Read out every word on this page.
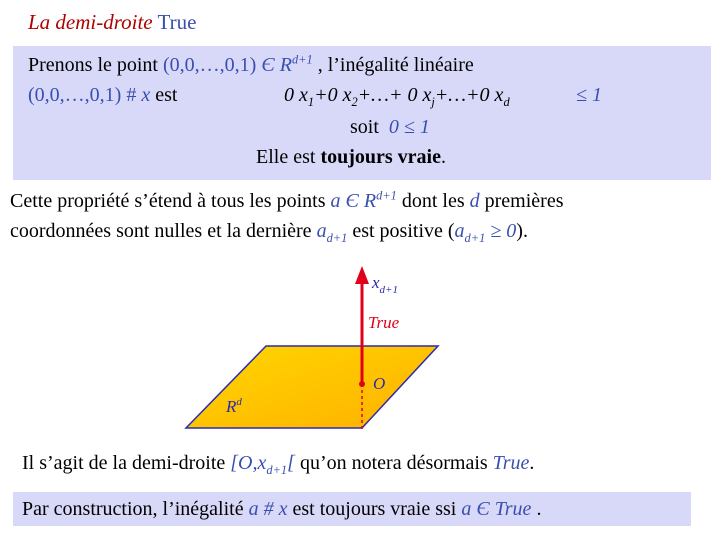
La demi-droite True
Prenons le point (0,0,…,0,1) Є $R^{d+1}$ , l’inégalité linéaire
(0,0,…,0,1) # x est	0 $x_1+0$ $x_2+\dots+ 0$ $x_j+\dots+0$ $x_d$	≤ 1
soit 0 ≤ 1
Elle est toujours vraie.
Cette propriété s’étend à tous les points a Є $R^{d+1}$ dont les d premières
coordonnées sont nulles et la dernière $a_{d+1}$ est positive $(a_{d+1} \ge 0)$.
$x_{d+1}$
True
O
$R^d$
Il s’agit de la demi-droite [$O,x_{d+1}$[ qu’on notera désormais True.
Par construction, l’inégalité a # x est toujours vraie ssi a Є True .
